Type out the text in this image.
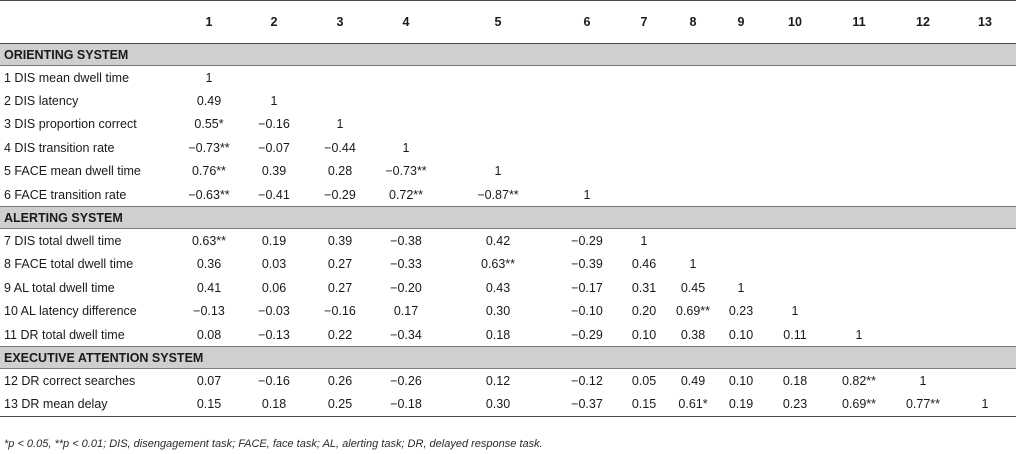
	1	2	3	4	5	6	7	8	9	10	11	12	13
ORIENTING SYSTEM													
1 DIS mean dwell time	1												
2 DIS latency	0.49	1											
3 DIS proportion correct	0.55*	−0.16	1										
4 DIS transition rate	−0.73**	−0.07	−0.44	1									
5 FACE mean dwell time	0.76**	0.39	0.28	−0.73**	1								
6 FACE transition rate	−0.63**	−0.41	−0.29	0.72**	−0.87**	1							
ALERTING SYSTEM													
7 DIS total dwell time	0.63**	0.19	0.39	−0.38	0.42	−0.29	1						
8 FACE total dwell time	0.36	0.03	0.27	−0.33	0.63**	−0.39	0.46	1					
9 AL total dwell time	0.41	0.06	0.27	−0.20	0.43	−0.17	0.31	0.45	1				
10 AL latency difference	−0.13	−0.03	−0.16	0.17	0.30	−0.10	0.20	0.69**	0.23	1			
11 DR total dwell time	0.08	−0.13	0.22	−0.34	0.18	−0.29	0.10	0.38	0.10	0.11	1		
EXECUTIVE ATTENTION SYSTEM													
12 DR correct searches	0.07	−0.16	0.26	−0.26	0.12	−0.12	0.05	0.49	0.10	0.18	0.82**	1	
13 DR mean delay	0.15	0.18	0.25	−0.18	0.30	−0.37	0.15	0.61*	0.19	0.23	0.69**	0.77**	1
*p < 0.05, **p < 0.01; DIS, disengagement task; FACE, face task; AL, alerting task; DR, delayed response task.
